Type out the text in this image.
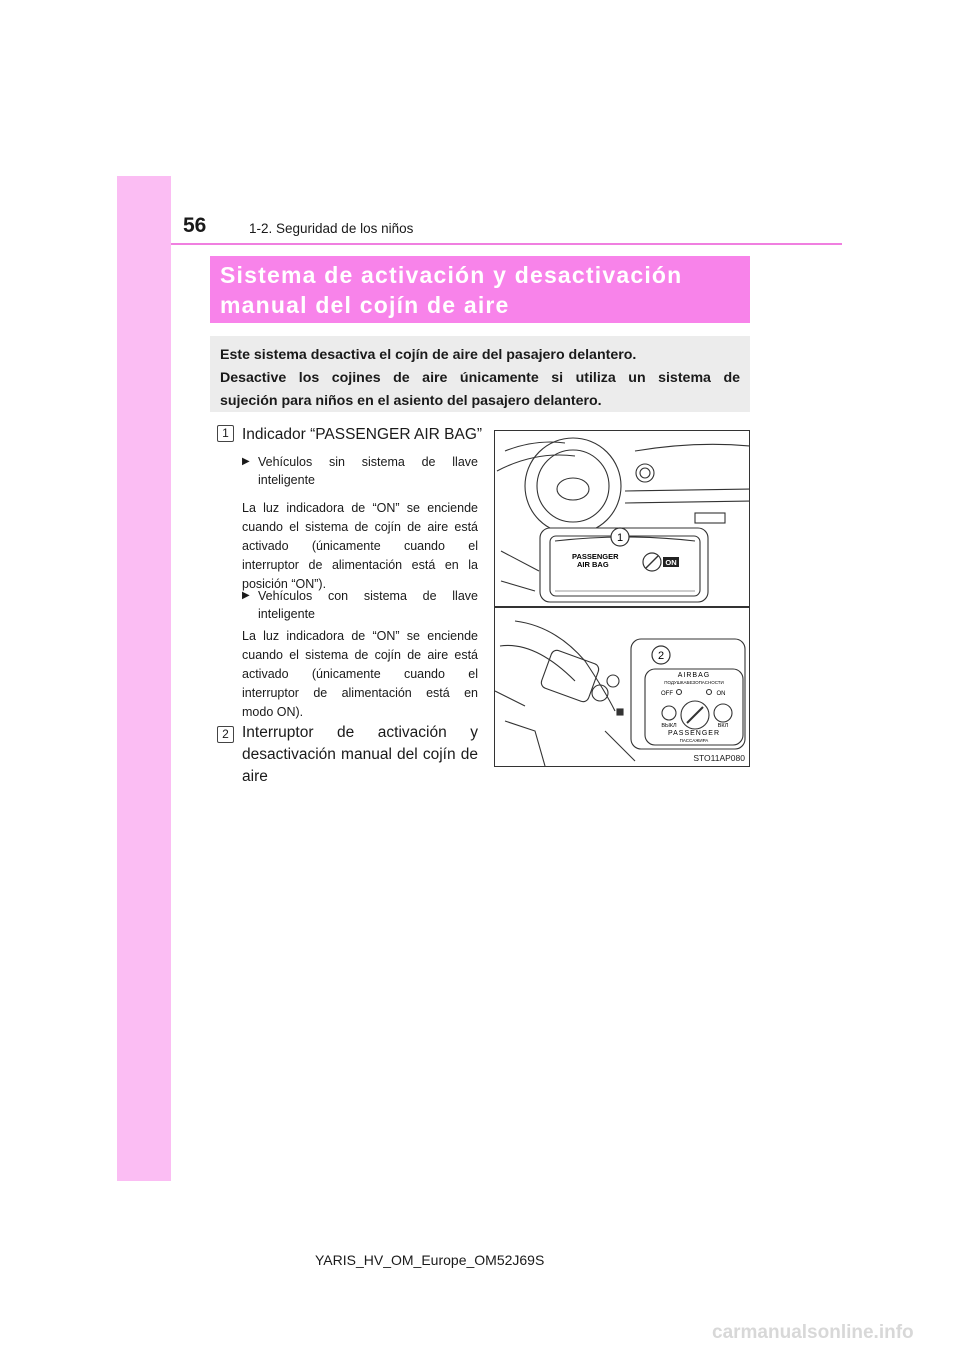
56	1-2. Seguridad de los niños
Sistema de activación y desactivación
manual del cojín de aire
Este sistema desactiva el cojín de aire del pasajero delantero.
Desactive los cojines de aire únicamente si utiliza un sistema de
sujeción para niños en el asiento del pasajero delantero.
1 Indicador “PASSENGER AIR BAG”
▶ Vehículos sin sistema de llave
inteligente
La luz indicadora de “ON” se enciende
cuando el sistema de cojín de aire está
activado (únicamente cuando el
interruptor de alimentación está en la
posición “ON”).
▶ Vehículos con sistema de llave
inteligente
La luz indicadora de “ON” se enciende
cuando el sistema de cojín de aire está
activado (únicamente cuando el
interruptor de alimentación está en
modo ON).
2 Interruptor de activación y
desactivación manual del cojín de
aire
ON
PASSENGER
AIR BAG
1
2
AIRBAG
ПОДУШКАБЕЗОПАСНОСТИ
OFF	ON
ВЫКЛ	ВКЛ
PASSENGER
ПАССАЖИРА
STO11AP080
YARIS_HV_OM_Europe_OM52J69S
carmanualsonline.info
